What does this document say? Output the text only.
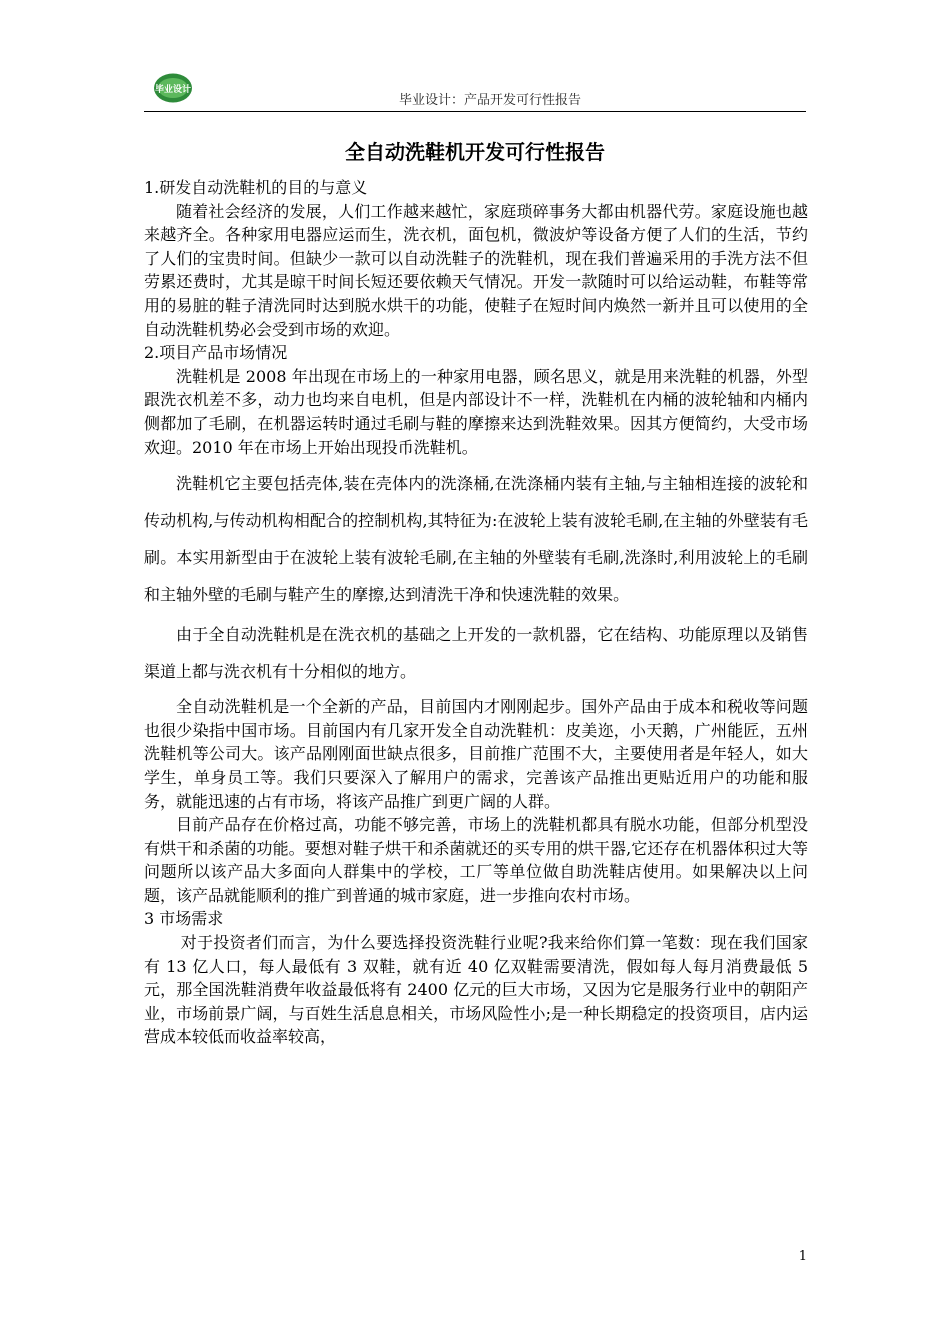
毕业设计
毕业设计：产品开发可行性报告
全自动洗鞋机开发可行性报告

1.研发自动洗鞋机的目的与意义

随着社会经济的发展，人们工作越来越忙，家庭琐碎事务大都由机器代劳。家庭设施也越来越齐全。各种家用电器应运而生，洗衣机，面包机，微波炉等设备方便了人们的生活，节约了人们的宝贵时间。但缺少一款可以自动洗鞋子的洗鞋机，现在我们普遍采用的手洗方法不但劳累还费时，尤其是晾干时间长短还要依赖天气情况。开发一款随时可以给运动鞋，布鞋等常用的易脏的鞋子清洗同时达到脱水烘干的功能，使鞋子在短时间内焕然一新并且可以使用的全自动洗鞋机势必会受到市场的欢迎。

2.项目产品市场情况

洗鞋机是 2008 年出现在市场上的一种家用电器，顾名思义，就是用来洗鞋的机器，外型跟洗衣机差不多，动力也均来自电机，但是内部设计不一样，洗鞋机在内桶的波轮轴和内桶内侧都加了毛刷，在机器运转时通过毛刷与鞋的摩擦来达到洗鞋效果。因其方便简约，大受市场欢迎。2010 年在市场上开始出现投币洗鞋机。

洗鞋机它主要包括壳体,装在壳体内的洗涤桶,在洗涤桶内装有主轴,与主轴相连接的波轮和传动机构,与传动机构相配合的控制机构,其特征为:在波轮上装有波轮毛刷,在主轴的外壁装有毛刷。本实用新型由于在波轮上装有波轮毛刷,在主轴的外壁装有毛刷,洗涤时,利用波轮上的毛刷和主轴外壁的毛刷与鞋产生的摩擦,达到清洗干净和快速洗鞋的效果。

由于全自动洗鞋机是在洗衣机的基础之上开发的一款机器，它在结构、功能原理以及销售渠道上都与洗衣机有十分相似的地方。

全自动洗鞋机是一个全新的产品，目前国内才刚刚起步。国外产品由于成本和税收等问题也很少染指中国市场。目前国内有几家开发全自动洗鞋机：皮美迩，小天鹅，广州能匠，五州洗鞋机等公司大。该产品刚刚面世缺点很多，目前推广范围不大，主要使用者是年轻人，如大学生，单身员工等。我们只要深入了解用户的需求，完善该产品推出更贴近用户的功能和服务，就能迅速的占有市场，将该产品推广到更广阔的人群。

目前产品存在价格过高，功能不够完善，市场上的洗鞋机都具有脱水功能，但部分机型没有烘干和杀菌的功能。要想对鞋子烘干和杀菌就还的买专用的烘干器,它还存在机器体积过大等问题所以该产品大多面向人群集中的学校，工厂等单位做自助洗鞋店使用。如果解决以上问题，该产品就能顺利的推广到普通的城市家庭，进一步推向农村市场。

3 市场需求

对于投资者们而言，为什么要选择投资洗鞋行业呢?我来给你们算一笔数：现在我们国家有 13 亿人口，每人最低有 3 双鞋，就有近 40 亿双鞋需要清洗，假如每人每月消费最低 5 元，那全国洗鞋消费年收益最低将有 2400 亿元的巨大市场，又因为它是服务行业中的朝阳产业，市场前景广阔，与百姓生活息息相关，市场风险性小;是一种长期稳定的投资项目，店内运营成本较低而收益率较高，

1
